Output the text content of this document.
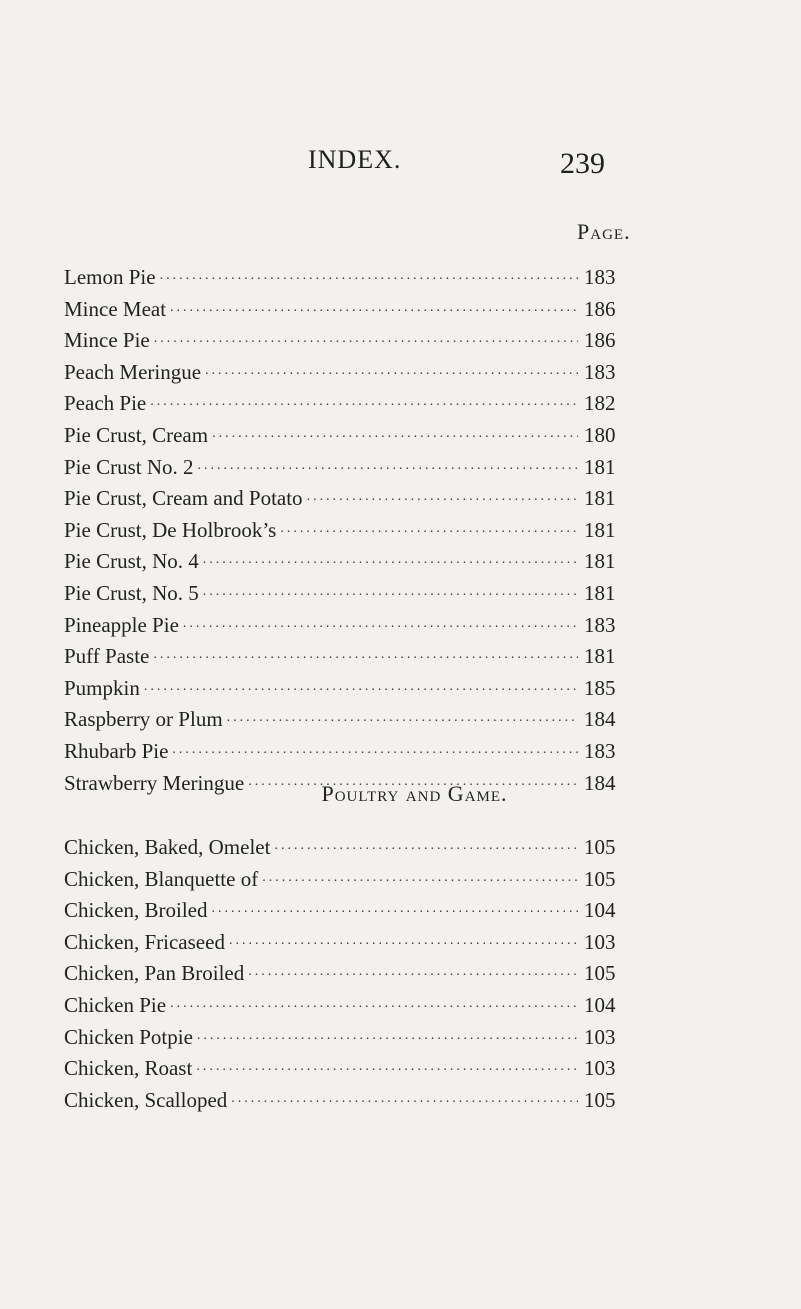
INDEX.	239
Page.
Lemon Pie .....	183
Mince Meat .....	186
Mince Pie .....	186
Peach Meringue .....	183
Peach Pie .....	182
Pie Crust, Cream .....	180
Pie Crust No. 2 .....	181
Pie Crust, Cream and Potato .....	181
Pie Crust, De Holbrook’s .....	181
Pie Crust, No. 4 .....	181
Pie Crust, No. 5 .....	181
Pineapple Pie .....	183
Puff Paste .....	181
Pumpkin .....	185
Raspberry or Plum .....	184
Rhubarb Pie .....	183
Strawberry Meringue .....	184
Poultry and Game.
Chicken, Baked, Omelet .....	105
Chicken, Blanquette of .....	105
Chicken, Broiled .....	104
Chicken, Fricaseed .....	103
Chicken, Pan Broiled .....	105
Chicken Pie .....	104
Chicken Potpie .....	103
Chicken, Roast .....	103
Chicken, Scalloped .....	105
